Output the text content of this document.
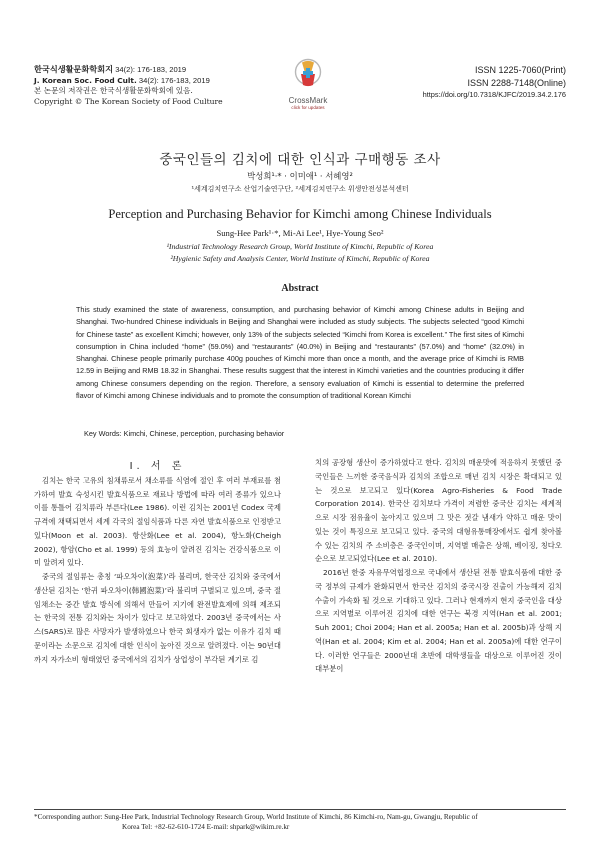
한국식생활문화학회지 34(2): 176-183, 2019
J. Korean Soc. Food Cult. 34(2): 176-183, 2019
본 논문의 저작권은 한국식생활문화학회에 있음.
Copyright © The Korean Society of Food Culture	CrossMark
click for updates
ISSN 1225-7060(Print)
ISSN 2288-7148(Online)
https://doi.org/10.7318/KJFC/2019.34.2.176
중국인들의 김치에 대한 인식과 구매행동 조사
박성희¹·* · 이미애¹ · 서혜영²
¹세계김치연구소 산업기술연구단, ²세계김치연구소 위생안전성분석센터
Perception and Purchasing Behavior for Kimchi among Chinese Individuals
Sung-Hee Park¹·*, Mi-Ai Lee¹, Hye-Young Seo²
¹Industrial Technology Research Group, World Institute of Kimchi, Republic of Korea
²Hygienic Safety and Analysis Center, World Institute of Kimchi, Republic of Korea
Abstract

This study examined the state of awareness, consumption, and purchasing behavior of Kimchi among Chinese adults in Beijing and Shanghai. Two-hundred Chinese individuals in Beijing and Shanghai were included as study subjects. The subjects selected “good Kimchi for Chinese taste” as excellent Kimchi; however, only 13% of the subjects selected “Kimchi from Korea is excellent.” The first sites of Kimchi consumption in China included “home” (59.0%) and “restaurants” (40.0%) in Beijing and “restaurants” (57.0%) and “home” (32.0%) in Shanghai. Chinese people primarily purchase 400g pouches of Kimchi more than once a month, and the average price of Kimchi is RMB 12.59 in Beijing and RMB 18.32 in Shanghai. These results suggest that the interest in Kimchi varieties and the countries producing it differ among Chinese consumers depending on the region. Therefore, a sensory evaluation of Kimchi is essential to determine the preferred flavor of Kimchi among Chinese individuals and to promote the consumption of traditional Korean Kimchi

Key Words: Kimchi, Chinese, perception, purchasing behavior

I. 서 론

김치는 한국 고유의 침채류로서 채소류를 식염에 절인 후 여러 부재료를 첨가하여 발효 숙성시킨 발효식품으로 재료나 방법에 따라 여러 종류가 있으나 이를 통틀어 김치류라 부른다(Lee 1986). 이런 김치는 2001년 Codex 국제 규격에 채택되면서 세계 각국의 절임식품과 다른 자연 발효식품으로 인정받고 있다(Moon et al. 2003). 항산화(Lee et al. 2004), 항노화(Cheigh 2002), 항암(Cho et al. 1999) 등의 효능이 알려진 김치는 건강식품으로 이미 알려져 있다.

중국의 절임류는 총칭 ‘파오차이(泡菜)’라 불리며, 한국산 김치와 중국에서 생산된 김치는 ‘한귀 파오차이(韩國泡菜)’라 불리며 구별되고 있으며, 중국 절임채소는 중간 발효 방식에 의해서 만들어 지기에 완전발효제에 의해 제조되는 한국의 전통 김치와는 차이가 있다고 보고하였다. 2003년 중국에서는 사스(SARS)로 많은 사망자가 발생하였으나 한국 회생자가 없는 이유가 김치 때문이라는 소문으로 김치에 대한 인식이 높아진 것으로 알려졌다. 이는 90년대까지 자가소비 형태였던 중국에서의 김치가 상업성이 부각된 계기로 김

치의 공장형 생산이 증가하였다고 한다. 김치의 매운맛에 적응하지 못했던 중국인들은 느끼한 중국음식과 김치의 조합으로 매년 김치 시장은 확대되고 있는 것으로 보고되고 있다(Korea Agro-Fisheries & Food Trade Corporation 2014). 한국산 김치보다 가격이 저렴한 중국산 김치는 세계적으로 시장 점유율이 높아지고 있으며 그 맛은 젓갈 냄새가 약하고 매운 맛이 있는 것이 특징으로 보고되고 있다. 중국의 대형유통매장에서도 쉽게 찾아볼 수 있는 김치의 주 소비층은 중국인이며, 지역별 매출은 상해, 베이징, 칭다오 순으로 보고되었다(Lee et al. 2010).

2016년 한중 자유무역협정으로 국내에서 생산된 전통 발효식품에 대한 중국 정부의 규제가 완화되면서 한국산 김치의 중국시장 진출이 가능해져 김치 수출이 가속화 될 것으로 기대하고 있다. 그러나 현재까지 현지 중국인을 대상으로 지역별로 이루어진 김치에 대한 연구는 북경 지역(Han et al. 2001; Suh 2001; Choi 2004; Han et al. 2005a; Han et al. 2005b)과 상해 지역(Han et al. 2004; Kim et al. 2004; Han et al. 2005a)에 대한 연구이다. 이러한 연구들은 2000년대 초반에 대학생들을 대상으로 이루어진 것이 대부분이

*Corresponding author: Sung-Hee Park, Industrial Technology Research Group, World Institute of Kimchi, 86 Kimchi-ro, Nam-gu, Gwangju, Republic of
Korea Tel: +82-62-610-1724 E-mail: shpark@wikim.re.kr
